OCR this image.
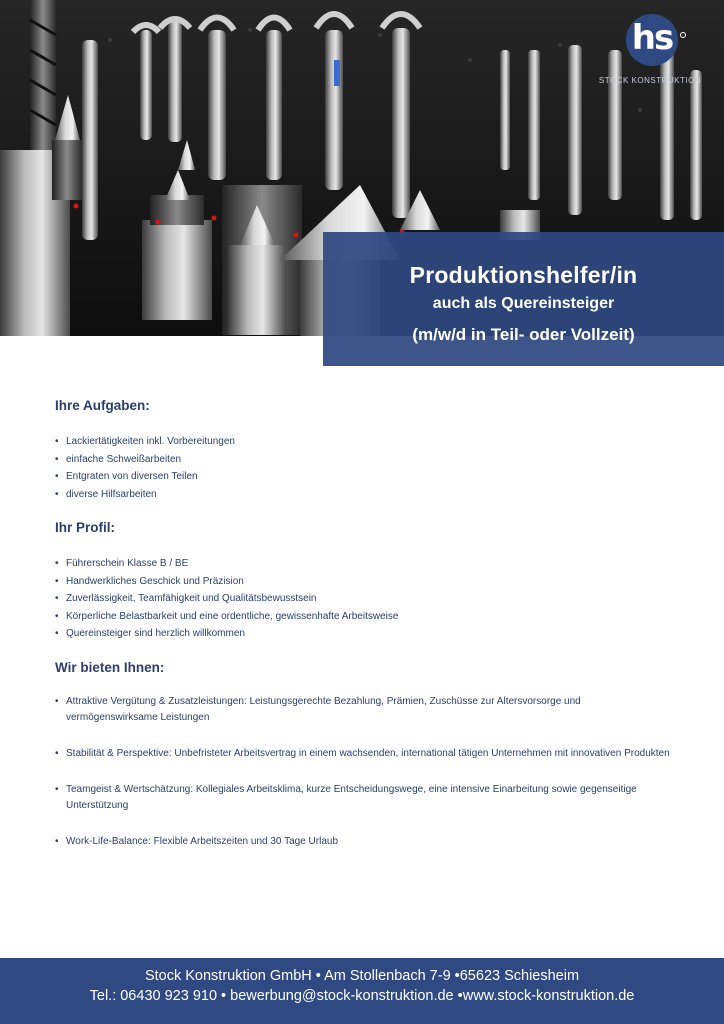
hs
STOCK KONSTRUKTION
Produktionshelfer/in
auch als Quereinsteiger
(m/w/d in Teil- oder Vollzeit)
Ihre Aufgaben:
• Lackiertätigkeiten inkl. Vorbereitungen
• einfache Schweißarbeiten
• Entgraten von diversen Teilen
• diverse Hilfsarbeiten
Ihr Profil:
• Führerschein Klasse B / BE
• Handwerkliches Geschick und Präzision
• Zuverlässigkeit, Teamfähigkeit und Qualitätsbewusstsein
• Körperliche Belastbarkeit und eine ordentliche, gewissenhafte Arbeitsweise
• Quereinsteiger sind herzlich willkommen
Wir bieten Ihnen:
• Attraktive Vergütung & Zusatzleistungen: Leistungsgerechte Bezahlung, Prämien, Zuschüsse zur Altersvorsorge und vermögenswirksame Leistungen
• Stabilität & Perspektive: Unbefristeter Arbeitsvertrag in einem wachsenden, international tätigen Unternehmen mit innovativen Produkten
• Teamgeist & Wertschätzung: Kollegiales Arbeitsklima, kurze Entscheidungswege, eine intensive Einarbeitung sowie gegenseitige Unterstützung
• Work-Life-Balance: Flexible Arbeitszeiten und 30 Tage Urlaub
Stock Konstruktion GmbH • Am Stollenbach 7-9 •65623 Schiesheim
Tel.: 06430 923 910 • bewerbung@stock-konstruktion.de •www.stock-konstruktion.de
